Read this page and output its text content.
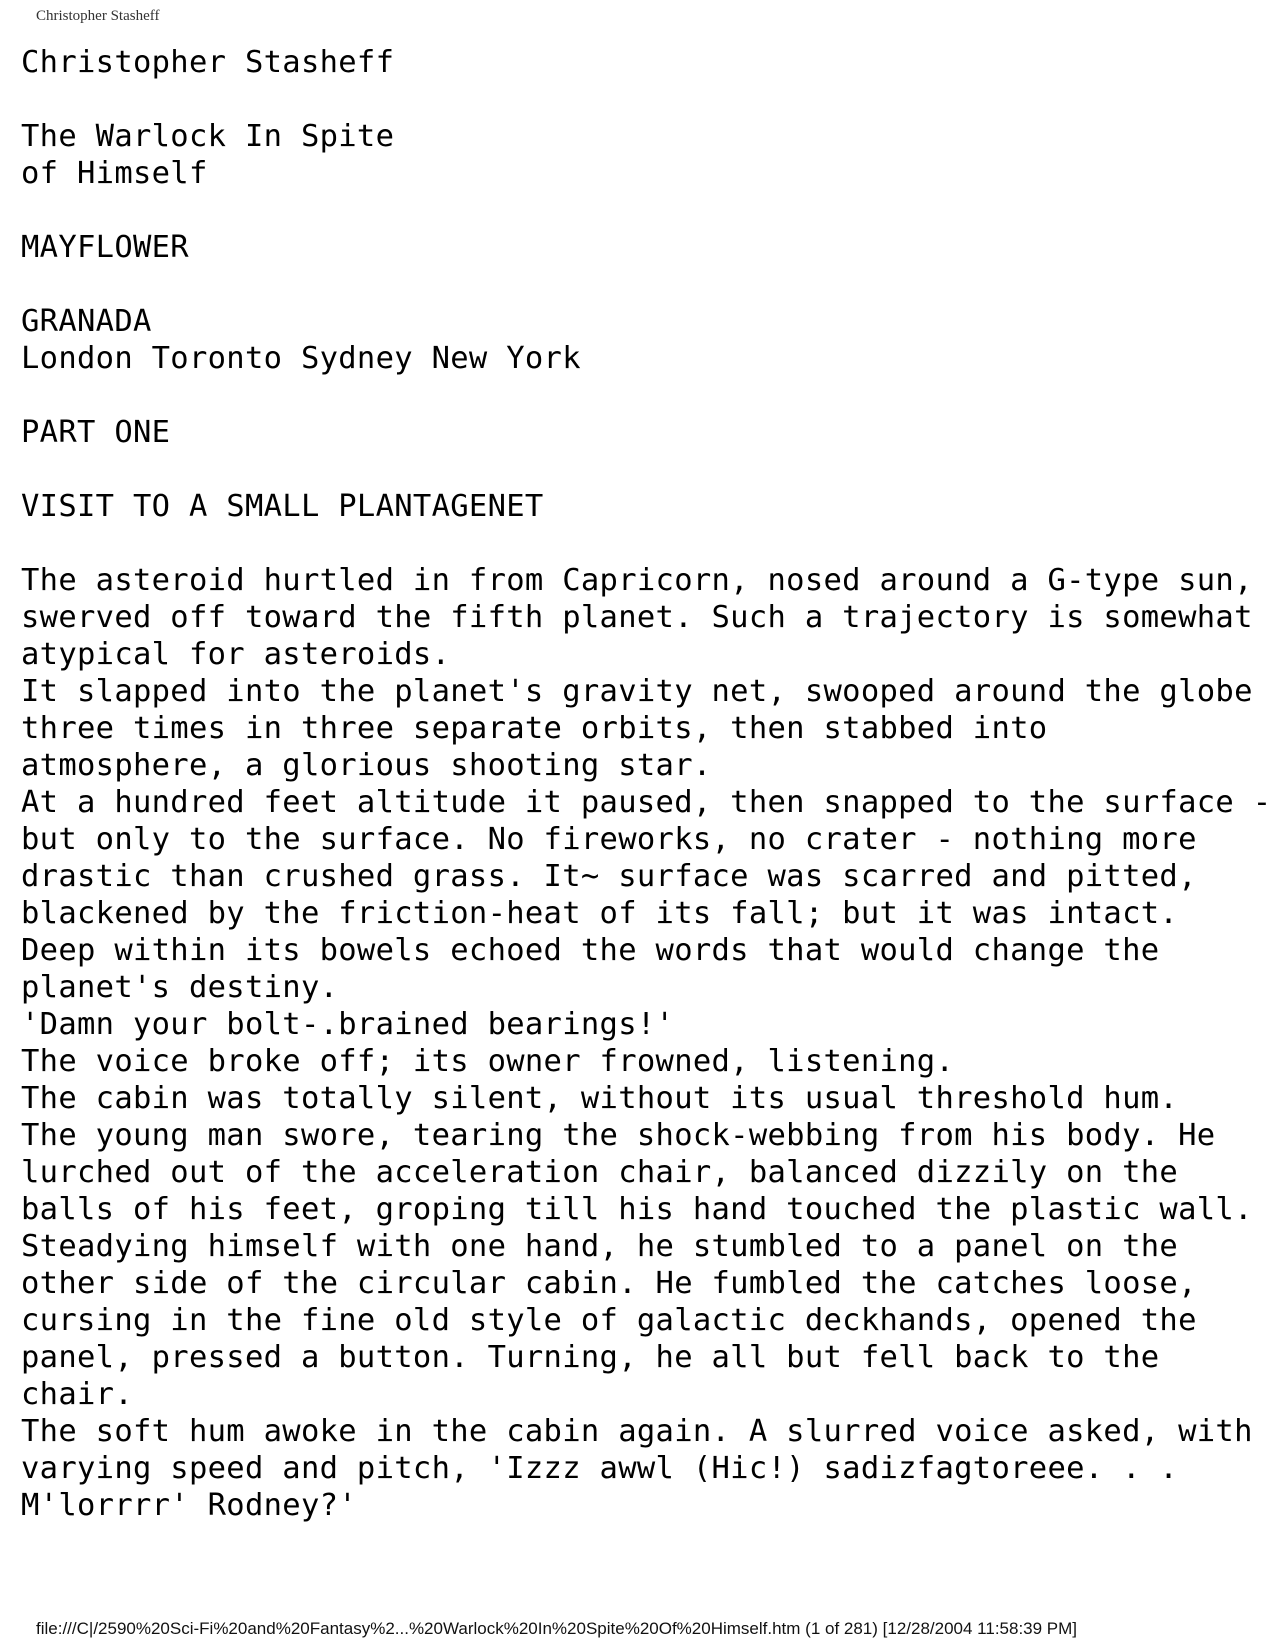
Christopher Stasheff
Christopher Stasheff
The Warlock In Spite
of Himself
MAYFLOWER
GRANADA
London Toronto Sydney New York
PART ONE
VISIT TO A SMALL PLANTAGENET
The asteroid hurtled in from Capricorn, nosed around a G-type sun,
swerved off toward the fifth planet. Such a trajectory is somewhat
atypical for asteroids.
It slapped into the planet's gravity net, swooped around the globe
three times in three separate orbits, then stabbed into
atmosphere, a glorious shooting star.
At a hundred feet altitude it paused, then snapped to the surface -
but only to the surface. No fireworks, no crater - nothing more
drastic than crushed grass. It~ surface was scarred and pitted,
blackened by the friction-heat of its fall; but it was intact.
Deep within its bowels echoed the words that would change the
planet's destiny.
'Damn your bolt-.brained bearings!'
The voice broke off; its owner frowned, listening.
The cabin was totally silent, without its usual threshold hum.
The young man swore, tearing the shock-webbing from his body. He
lurched out of the acceleration chair, balanced dizzily on the
balls of his feet, groping till his hand touched the plastic wall.
Steadying himself with one hand, he stumbled to a panel on the
other side of the circular cabin. He fumbled the catches loose,
cursing in the fine old style of galactic deckhands, opened the
panel, pressed a button. Turning, he all but fell back to the
chair.
The soft hum awoke in the cabin again. A slurred voice asked, with
varying speed and pitch, 'Izzz awwl (Hic!) sadizfagtoreee. . .
M'lorrrr' Rodney?'
file:///C|/2590%20Sci-Fi%20and%20Fantasy%2...%20Warlock%20In%20Spite%20Of%20Himself.htm (1 of 281) [12/28/2004 11:58:39 PM]
